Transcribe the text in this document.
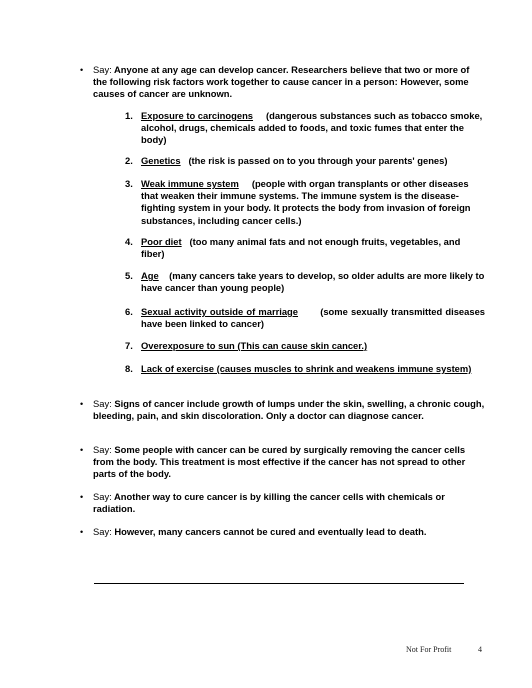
• Say: Anyone at any age can develop cancer. Researchers believe that two or more of the following risk factors work together to cause cancer in a person: However, some causes of cancer are unknown.
1. Exposure to carcinogens (dangerous substances such as tobacco smoke, alcohol, drugs, chemicals added to foods, and toxic fumes that enter the body)
2. Genetics (the risk is passed on to you through your parents' genes)
3. Weak immune system (people with organ transplants or other diseases that weaken their immune systems. The immune system is the disease-fighting system in your body. It protects the body from invasion of foreign substances, including cancer cells.)
4. Poor diet (too many animal fats and not enough fruits, vegetables, and fiber)
5. Age (many cancers take years to develop, so older adults are more likely to have cancer than young people)
6. Sexual activity outside of marriage (some sexually transmitted diseases have been linked to cancer)
7. Overexposure to sun (This can cause skin cancer.)
8. Lack of exercise (causes muscles to shrink and weakens immune system)
• Say: Signs of cancer include growth of lumps under the skin, swelling, a chronic cough, bleeding, pain, and skin discoloration. Only a doctor can diagnose cancer.
• Say: Some people with cancer can be cured by surgically removing the cancer cells from the body. This treatment is most effective if the cancer has not spread to other parts of the body.
• Say: Another way to cure cancer is by killing the cancer cells with chemicals or radiation.
• Say: However, many cancers cannot be cured and eventually lead to death.
Not For Profit	4
